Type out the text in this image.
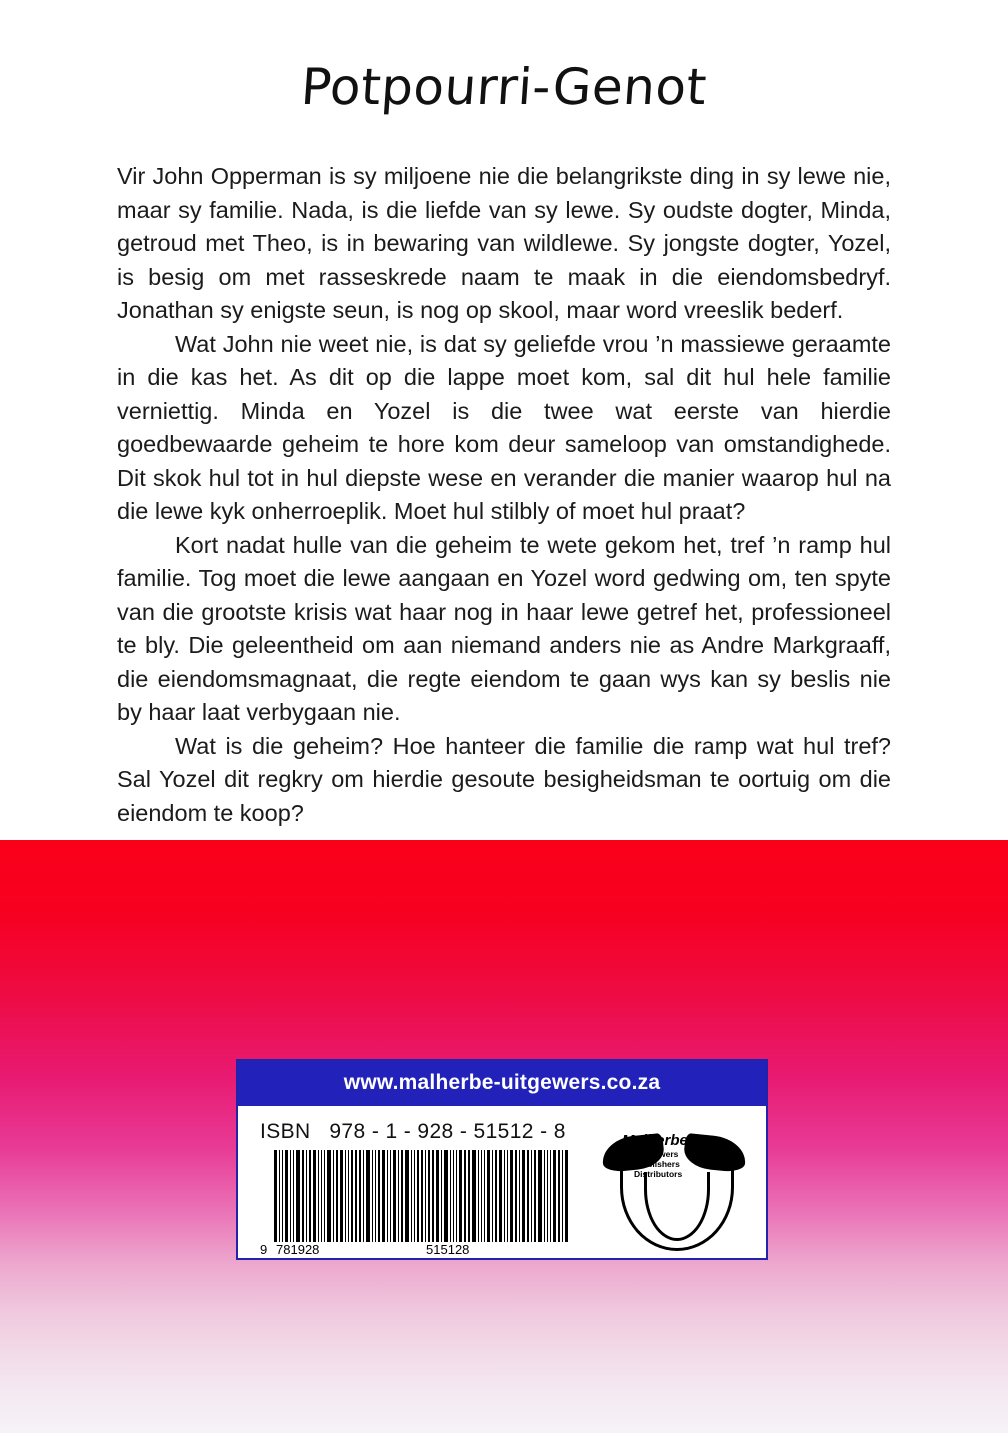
Potpourri-Genot

Vir John Opperman is sy miljoene nie die belangrikste ding in sy lewe nie, maar sy familie. Nada, is die liefde van sy lewe. Sy oudste dogter, Minda, getroud met Theo, is in bewaring van wildlewe. Sy jongste dogter, Yozel, is besig om met rasseskrede naam te maak in die eiendomsbedryf. Jonathan sy enigste seun, is nog op skool, maar word vreeslik bederf.

Wat John nie weet nie, is dat sy geliefde vrou ’n massiewe geraamte in die kas het. As dit op die lappe moet kom, sal dit hul hele familie verniettig. Minda en Yozel is die twee wat eerste van hierdie goedbewaarde geheim te hore kom deur sameloop van omstandighede. Dit skok hul tot in hul diepste wese en verander die manier waarop hul na die lewe kyk onherroeplik. Moet hul stilbly of moet hul praat?

Kort nadat hulle van die geheim te wete gekom het, tref ’n ramp hul familie. Tog moet die lewe aangaan en Yozel word gedwing om, ten spyte van die grootste krisis wat haar nog in haar lewe getref het, professioneel te bly. Die geleentheid om aan niemand anders nie as Andre Markgraaff, die eiendomsmagnaat, die regte eiendom te gaan wys kan sy beslis nie by haar laat verbygaan nie.

Wat is die geheim? Hoe hanteer die familie die ramp wat hul tref? Sal Yozel dit regkry om hierdie gesoute besigheidsman te oortuig om die eiendom te koop?

www.malherbe-uitgewers.co.za
ISBN 978 - 1 - 928 - 51512 - 8
9 781928	515128
Malherbe
Uitgewers
Publishers
Distributors
